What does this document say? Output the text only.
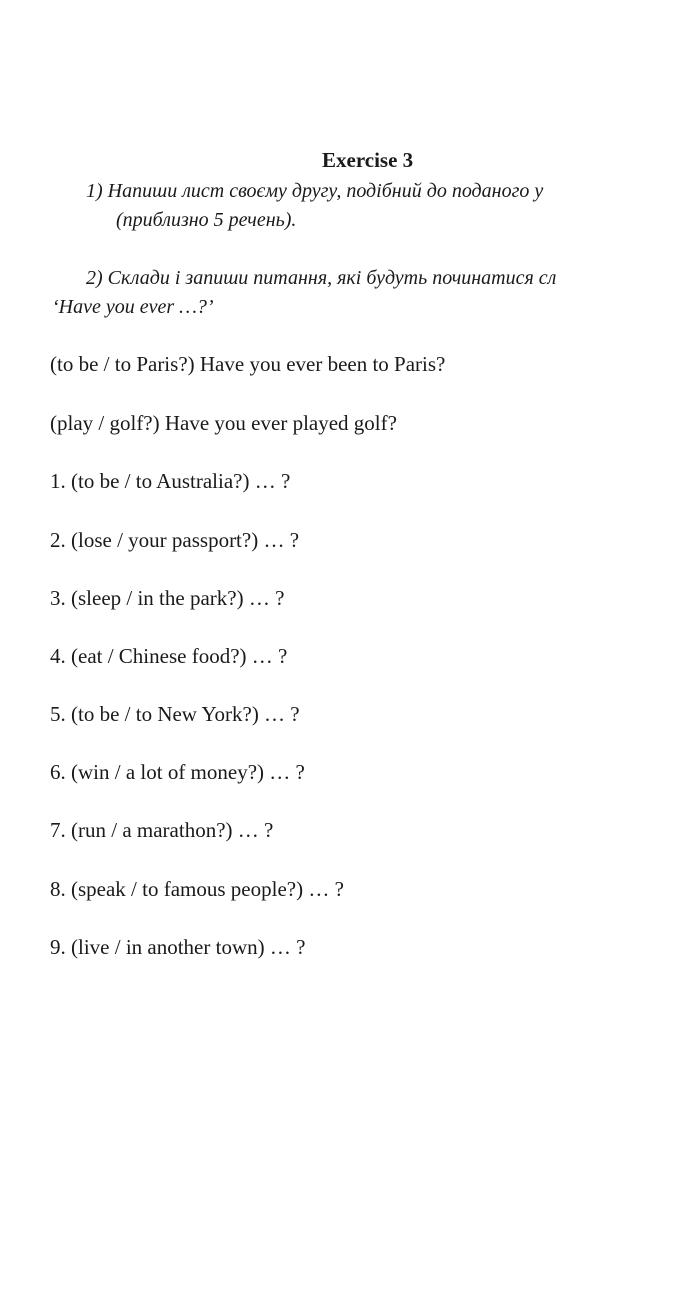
Exercise 3
1) Напиши лист своєму другу, подібний до поданого у
(приблизно 5 речень).
2) Склади і запиши питання, які будуть починатися сл
‘Have you ever …?’
(to be / to Paris?) Have you ever been to Paris?
(play / golf?) Have you ever played golf?
1. (to be / to Australia?) … ?
2. (lose / your passport?) … ?
3. (sleep / in the park?) … ?
4. (eat / Chinese food?) … ?
5. (to be / to New York?) … ?
6. (win / a lot of money?) … ?
7. (run / a marathon?) … ?
8. (speak / to famous people?) … ?
9. (live / in another town) … ?
